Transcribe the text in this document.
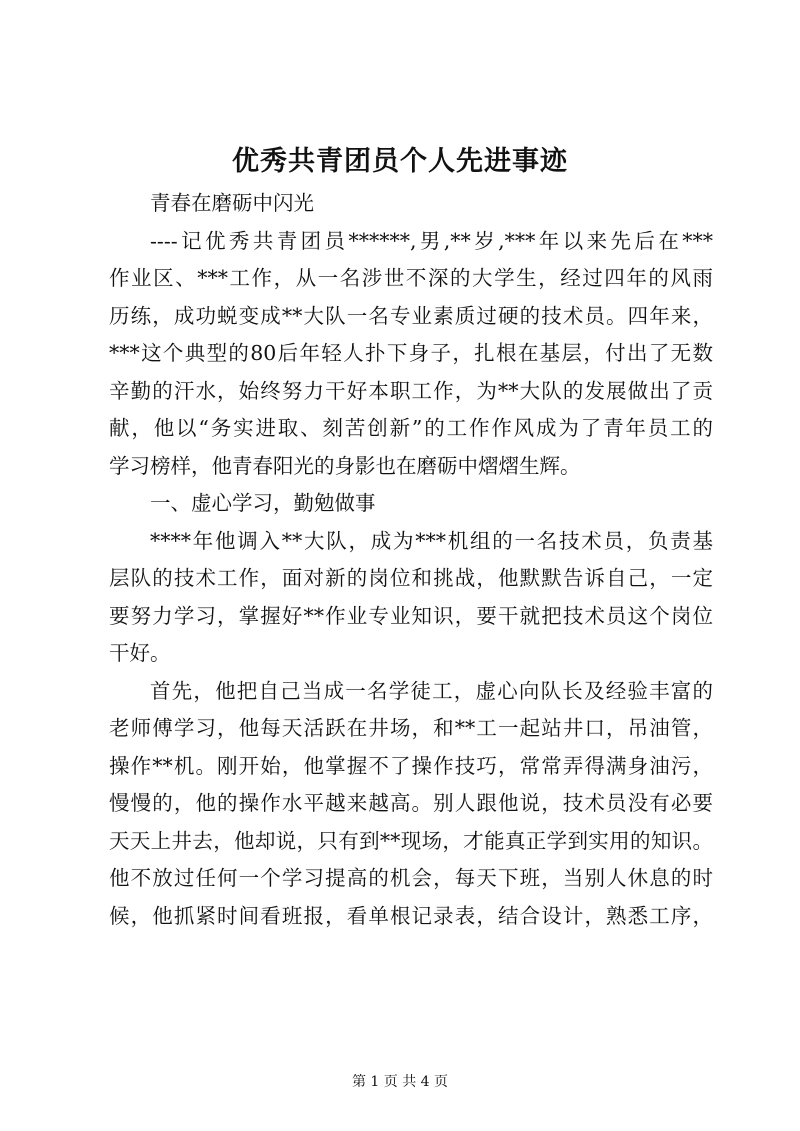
优秀共青团员个人先进事迹
青春在磨砺中闪光
----记优秀共青团员******,男,**岁,***年以来先后在***
作业区、***工作，从一名涉世不深的大学生，经过四年的风雨
历练，成功蜕变成**大队一名专业素质过硬的技术员。四年来，
***这个典型的80后年轻人扑下身子，扎根在基层，付出了无数
辛勤的汗水，始终努力干好本职工作，为**大队的发展做出了贡
献，他以“务实进取、刻苦创新”的工作作风成为了青年员工的
学习榜样，他青春阳光的身影也在磨砺中熠熠生辉。
一、虚心学习，勤勉做事
****年他调入**大队，成为***机组的一名技术员，负责基
层队的技术工作，面对新的岗位和挑战，他默默告诉自己，一定
要努力学习，掌握好**作业专业知识，要干就把技术员这个岗位
干好。
首先，他把自己当成一名学徒工，虚心向队长及经验丰富的
老师傅学习，他每天活跃在井场，和**工一起站井口，吊油管，
操作**机。刚开始，他掌握不了操作技巧，常常弄得满身油污，
慢慢的，他的操作水平越来越高。别人跟他说，技术员没有必要
天天上井去，他却说，只有到**现场，才能真正学到实用的知识。
他不放过任何一个学习提高的机会，每天下班，当别人休息的时
候，他抓紧时间看班报，看单根记录表，结合设计，熟悉工序，
第 1 页 共 4 页
